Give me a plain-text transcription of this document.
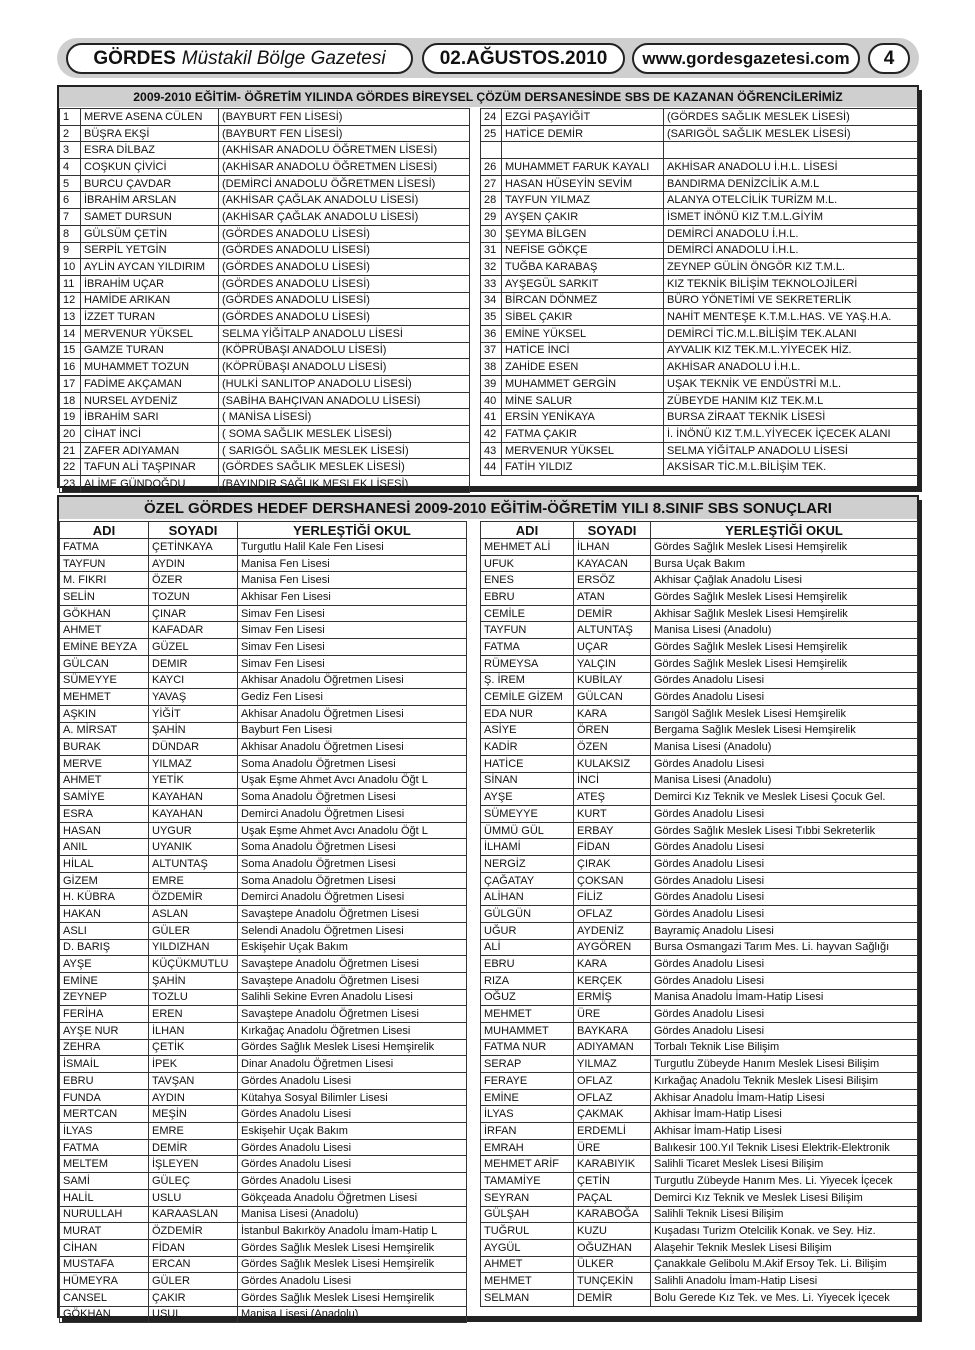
GÖRDES Müstakil Bölge Gazetesi	02.AĞUSTOS.2010	www.gordesgazetesi.com	4
2009-2010 EĞİTİM- ÖĞRETİM YILINDA GÖRDES BİREYSEL ÇÖZÜM DERSANESİNDE SBS DE KAZANAN ÖĞRENCİLERİMİZ
1	MERVE ASENA CÜLEN	(BAYBURT FEN LİSESİ)
2	BÜŞRA EKŞİ	(BAYBURT FEN LİSESİ)
3	ESRA DİLBAZ	(AKHİSAR ANADOLU ÖĞRETMEN LİSESİ)
4	COŞKUN ÇİVİCİ	(AKHİSAR ANADOLU ÖĞRETMEN LİSESİ)
5	BURCU ÇAVDAR	(DEMİRCİ ANADOLU ÖĞRETMEN LİSESİ)
6	İBRAHİM ARSLAN	(AKHİSAR ÇAĞLAK ANADOLU LİSESİ)
7	SAMET DURSUN	(AKHİSAR ÇAĞLAK ANADOLU LİSESİ)
8	GÜLSÜM ÇETİN	(GÖRDES ANADOLU LİSESİ)
9	SERPİL YETGİN	(GÖRDES ANADOLU LİSESİ)
10	AYLİN AYCAN YILDIRIM	(GÖRDES ANADOLU LİSESİ)
11	İBRAHİM UÇAR	(GÖRDES ANADOLU LİSESİ)
12	HAMİDE ARIKAN	(GÖRDES ANADOLU LİSESİ)
13	İZZET TURAN	(GÖRDES ANADOLU LİSESİ)
14	MERVENUR YÜKSEL	SELMA YİĞİTALP ANADOLU LİSESİ
15	GAMZE TURAN	(KÖPRÜBAŞI ANADOLU LİSESİ)
16	MUHAMMET TOZUN	(KÖPRÜBAŞI ANADOLU LİSESİ)
17	FADİME AKÇAMAN	(HULKİ SANLITOP ANADOLU LİSESİ)
18	NURSEL AYDENİZ	(SABİHA BAHÇIVAN ANADOLU LİSESİ)
19	İBRAHİM SARI	( MANİSA LİSESİ)
20	CİHAT İNCİ	( SOMA SAĞLIK MESLEK LİSESİ)
21	ZAFER ADIYAMAN	( SARIGÖL SAĞLIK MESLEK LİSESİ)
22	TAFUN ALİ TAŞPINAR	(GÖRDES SAĞLIK MESLEK LİSESİ)
23	ALİME GÜNDOĞDU	(BAYINDIR SAĞLIK MESLEK LİSESİ)
24	EZGİ PAŞAYİĞİT	(GÖRDES SAĞLIK MESLEK LİSESİ)
25	HATİCE DEMİR	(SARIGÖL SAĞLIK MESLEK LİSESİ)

26	MUHAMMET FARUK KAYALI	AKHİSAR ANADOLU İ.H.L. LİSESİ
27	HASAN HÜSEYİN SEVİM	BANDIRMA DENİZCİLİK A.M.L
28	TAYFUN YILMAZ	ALANYA OTELCİLİK TURİZM M.L.
29	AYŞEN ÇAKIR	İSMET İNÖNÜ KIZ T.M.L.GİYİM
30	ŞEYMA BİLGEN	DEMİRCİ ANADOLU İ.H.L.
31	NEFİSE GÖKÇE	DEMİRCİ ANADOLU İ.H.L.
32	TUĞBA KARABAŞ	ZEYNEP GÜLİN ÖNGÖR KIZ T.M.L.
33	AYŞEGÜL SARKIT	KIZ TEKNİK BİLİŞİM TEKNOLOJİLERİ
34	BİRCAN DÖNMEZ	BÜRO YÖNETİMİ VE SEKRETERLİK
35	SİBEL ÇAKIR	NAHİT MENTEŞE K.T.M.L.HAS. VE YAŞ.H.A.
36	EMİNE YÜKSEL	DEMİRCİ TİC.M.L.BİLİŞİM TEK.ALANI
37	HATİCE İNCİ	AYVALIK KIZ TEK.M.L.YİYECEK HİZ.
38	ZAHİDE ESEN	AKHİSAR ANADOLU İ.H.L.
39	MUHAMMET GERGİN	UŞAK TEKNİK VE ENDÜSTRİ M.L.
40	MİNE SALUR	ZÜBEYDE HANIM KIZ TEK.M.L
41	ERSİN YENİKAYA	BURSA ZİRAAT TEKNİK LİSESİ
42	FATMA ÇAKIR	İ. İNÖNÜ KIZ T.M.L.YİYECEK İÇECEK ALANI
43	MERVENUR YÜKSEL	SELMA YİĞİTALP ANADOLU LİSESİ
44	FATİH YILDIZ	AKSİSAR TİC.M.L.BİLİŞİM TEK.
ÖZEL GÖRDES HEDEF DERSHANESİ 2009-2010 EĞİTİM-ÖĞRETİM YILI 8.SINIF SBS SONUÇLARI
ADI	SOYADI	YERLEŞTİĞİ OKUL
FATMA	ÇETİNKAYA	Turgutlu Halil Kale Fen Lisesi
TAYFUN	AYDIN	Manisa Fen Lisesi
M. FIKRI	ÖZER	Manisa Fen Lisesi
SELİN	TOZUN	Akhisar Fen Lisesi
GÖKHAN	ÇINAR	Simav Fen Lisesi
AHMET	KAFADAR	Simav Fen Lisesi
EMİNE BEYZA	GÜZEL	Simav Fen Lisesi
GÜLCAN	DEMIR	Simav Fen Lisesi
SÜMEYYE	KAYCI	Akhisar Anadolu Öğretmen Lisesi
MEHMET	YAVAŞ	Gediz Fen Lisesi
AŞKIN	YİĞİT	Akhisar Anadolu Öğretmen Lisesi
A. MİRSAT	ŞAHİN	Bayburt Fen Lisesi
BURAK	DÜNDAR	Akhisar Anadolu Öğretmen Lisesi
MERVE	YILMAZ	Soma Anadolu Öğretmen Lisesi
AHMET	YETİK	Uşak Eşme Ahmet Avcı Anadolu Öğt L
SAMİYE	KAYAHAN	Soma Anadolu Öğretmen Lisesi
ESRA	KAYAHAN	Demirci Anadolu Öğretmen Lisesi
HASAN	UYGUR	Uşak Eşme Ahmet Avcı Anadolu Öğt L
ANIL	UYANIK	Soma Anadolu Öğretmen Lisesi
HİLAL	ALTUNTAŞ	Soma Anadolu Öğretmen Lisesi
GİZEM	EMRE	Soma Anadolu Öğretmen Lisesi
H. KÜBRA	ÖZDEMİR	Demirci Anadolu Öğretmen Lisesi
HAKAN	ASLAN	Savaştepe Anadolu Öğretmen Lisesi
ASLI	GÜLER	Selendi Anadolu Öğretmen Lisesi
D. BARIŞ	YILDIZHAN	Eskişehir Uçak Bakım
AYŞE	KÜÇÜKMUTLU	Savaştepe Anadolu Öğretmen Lisesi
EMİNE	ŞAHİN	Savaştepe Anadolu Öğretmen Lisesi
ZEYNEP	TOZLU	Salihli Sekine Evren Anadolu Lisesi
FERİHA	EREN	Savaştepe Anadolu Öğretmen Lisesi
AYŞE NUR	İLHAN	Kırkağaç Anadolu Öğretmen Lisesi
ZEHRA	ÇETİK	Gördes Sağlık Meslek Lisesi Hemşirelik
İSMAİL	İPEK	Dinar Anadolu Öğretmen Lisesi
EBRU	TAVŞAN	Gördes Anadolu Lisesi
FUNDA	AYDIN	Kütahya Sosyal Bilimler Lisesi
MERTCAN	MEŞİN	Gördes Anadolu Lisesi
İLYAS	EMRE	Eskişehir Uçak Bakım
FATMA	DEMİR	Gördes Anadolu Lisesi
MELTEM	İŞLEYEN	Gördes Anadolu Lisesi
SAMİ	GÜLEÇ	Gördes Anadolu Lisesi
HALİL	USLU	Gökçeada Anadolu Öğretmen Lisesi
NURULLAH	KARAASLAN	Manisa Lisesi (Anadolu)
MURAT	ÖZDEMİR	İstanbul Bakırköy Anadolu İmam-Hatip L
CİHAN	FİDAN	Gördes Sağlık Meslek Lisesi Hemşirelik
MUSTAFA	ERCAN	Gördes Sağlık Meslek Lisesi Hemşirelik
HÜMEYRA	GÜLER	Gördes Anadolu Lisesi
CANSEL	ÇAKIR	Gördes Sağlık Meslek Lisesi Hemşirelik
GÖKHAN	USUL	Manisa Lisesi (Anadolu)
ADI	SOYADI	YERLEŞTİĞİ OKUL
MEHMET ALİ	İLHAN	Gördes Sağlık Meslek Lisesi Hemşirelik
UFUK	KAYACAN	Bursa Uçak Bakım
ENES	ERSÖZ	Akhisar Çağlak Anadolu Lisesi
EBRU	ATAN	Gördes Sağlık Meslek Lisesi Hemşirelik
CEMİLE	DEMİR	Akhisar Sağlık Meslek Lisesi Hemşirelik
TAYFUN	ALTUNTAŞ	Manisa Lisesi (Anadolu)
FATMA	UÇAR	Gördes Sağlık Meslek Lisesi Hemşirelik
RÜMEYSA	YALÇIN	Gördes Sağlık Meslek Lisesi Hemşirelik
Ş. İREM	KUBİLAY	Gördes Anadolu Lisesi
CEMİLE GİZEM	GÜLCAN	Gördes Anadolu Lisesi
EDA NUR	KARA	Sarıgöl Sağlık Meslek Lisesi Hemşirelik
ASİYE	ÖREN	Bergama Sağlık Meslek Lisesi Hemşirelik
KADİR	ÖZEN	Manisa Lisesi (Anadolu)
HATİCE	KULAKSIZ	Gördes Anadolu Lisesi
SİNAN	İNCİ	Manisa Lisesi (Anadolu)
AYŞE	ATEŞ	Demirci Kız Teknik ve Meslek Lisesi Çocuk Gel.
SÜMEYYE	KURT	Gördes Anadolu Lisesi
ÜMMÜ GÜL	ERBAY	Gördes Sağlık Meslek Lisesi Tıbbi Sekreterlik
İLHAMİ	FİDAN	Gördes Anadolu Lisesi
NERGİZ	ÇIRAK	Gördes Anadolu Lisesi
ÇAĞATAY	ÇOKSAN	Gördes Anadolu Lisesi
ALİHAN	FİLİZ	Gördes Anadolu Lisesi
GÜLGÜN	OFLAZ	Gördes Anadolu Lisesi
UĞUR	AYDENİZ	Bayramiç Anadolu Lisesi
ALİ	AYGÖREN	Bursa Osmangazi Tarım Mes. Li. hayvan Sağlığı
EBRU	KARA	Gördes Anadolu Lisesi
RIZA	KERÇEK	Gördes Anadolu Lisesi
OĞUZ	ERMİŞ	Manisa Anadolu İmam-Hatip Lisesi
MEHMET	ÜRE	Gördes Anadolu Lisesi
MUHAMMET	BAYKARA	Gördes Anadolu Lisesi
FATMA NUR	ADIYAMAN	Torbalı Teknik Lise Bilişim
SERAP	YILMAZ	Turgutlu Zübeyde Hanım Meslek Lisesi Bilişim
FERAYE	OFLAZ	Kırkağaç Anadolu Teknik Meslek Lisesi Bilişim
EMİNE	OFLAZ	Akhisar Anadolu İmam-Hatip Lisesi
İLYAS	ÇAKMAK	Akhisar İmam-Hatip Lisesi
İRFAN	ERDEMLİ	Akhisar İmam-Hatip Lisesi
EMRAH	ÜRE	Balıkesir 100.Yıl Teknik Lisesi Elektrik-Elektronik
MEHMET ARİF	KARABIYIK	Salihli Ticaret Meslek Lisesi Bilişim
TAMAMİYE	ÇETİN	Turgutlu Zübeyde Hanım Mes. Li. Yiyecek İçecek
SEYRAN	PAÇAL	Demirci Kız Teknik ve Meslek Lisesi Bilişim
GÜLŞAH	KARABOĞA	Salihli Teknik Lisesi Bilişim
TUĞRUL	KUZU	Kuşadası Turizm Otelcilik Konak. ve Sey. Hiz.
AYGÜL	OĞUZHAN	Alaşehir Teknik Meslek Lisesi Bilişim
AHMET	ÜLKER	Çanakkale Gelibolu M.Akif Ersoy Tek. Li. Bilişim
MEHMET	TUNÇEKİN	Salihli Anadolu İmam-Hatip Lisesi
SELMAN	DEMİR	Bolu Gerede Kız Tek. ve Mes. Li. Yiyecek İçecek
